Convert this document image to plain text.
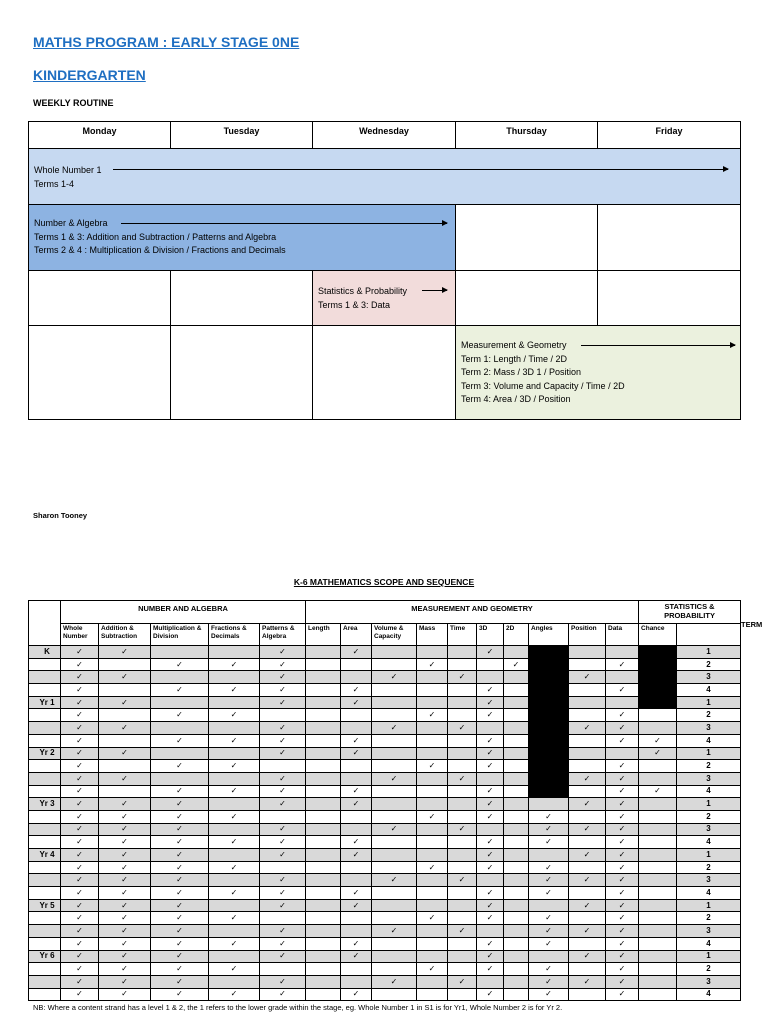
MATHS PROGRAM : EARLY STAGE 0NE
KINDERGARTEN
WEEKLY ROUTINE
Monday	Tuesday	Wednesday	Thursday	Friday
Whole Number 1
Terms 1-4
Number & Algebra
Terms 1 & 3: Addition and Subtraction / Patterns and Algebra
Terms 2 & 4 : Multiplication & Division / Fractions and Decimals
Statistics & Probability
Terms 1 & 3: Data
Measurement & Geometry
Term 1: Length / Time / 2D
Term 2: Mass / 3D 1 / Position
Term 3: Volume and Capacity / Time / 2D
Term 4: Area / 3D / Position
Sharon Tooney
K-6 MATHEMATICS SCOPE AND SEQUENCE
	NUMBER AND ALGEBRA					MEASUREMENT AND GEOMETRY										STATISTICS & PROBABILITY		TERM
	Whole Number	Addition & Subtraction	Multiplication & Division	Fractions & Decimals	Patterns & Algebra	Length	Area	Volume & Capacity	Mass	Time	3D	2D	Angles	Position	Data	Chance		
K	✓	✓			✓		✓				✓						1	
	✓		✓	✓	✓				✓			✓			✓		2	
	✓	✓			✓			✓		✓				✓			3	
	✓		✓	✓	✓		✓				✓				✓		4	
Yr 1	✓	✓			✓		✓				✓						1	
	✓		✓	✓					✓		✓				✓		2	
	✓	✓			✓			✓		✓				✓	✓		3	
	✓		✓	✓	✓		✓				✓				✓	✓	4	
Yr 2	✓	✓			✓		✓				✓					✓	1	
	✓		✓	✓					✓		✓				✓		2	
	✓	✓			✓			✓		✓				✓	✓		3	
	✓		✓	✓	✓		✓				✓				✓	✓	4	
Yr 3	✓	✓	✓		✓		✓				✓			✓	✓		1	
	✓	✓	✓	✓					✓		✓		✓		✓		2	
	✓	✓	✓		✓			✓		✓			✓	✓	✓		3	
	✓	✓	✓	✓	✓		✓				✓		✓		✓		4	
Yr 4	✓	✓	✓		✓		✓				✓			✓	✓		1	
	✓	✓	✓	✓					✓		✓		✓		✓		2	
	✓	✓	✓		✓			✓		✓			✓	✓	✓		3	
	✓	✓	✓	✓	✓		✓				✓		✓		✓		4	
Yr 5	✓	✓	✓		✓		✓				✓			✓	✓		1	
	✓	✓	✓	✓					✓		✓		✓		✓		2	
	✓	✓	✓		✓			✓		✓			✓	✓	✓		3	
	✓	✓	✓	✓	✓		✓				✓		✓		✓		4	
Yr 6	✓	✓	✓		✓		✓				✓			✓	✓		1	
	✓	✓	✓	✓					✓		✓		✓		✓		2	
	✓	✓	✓		✓			✓		✓			✓	✓	✓		3	
	✓	✓	✓	✓	✓		✓				✓		✓		✓		4	
NB: Where a content strand has a level 1 & 2, the 1 refers to the lower grade within the stage, eg. Whole Number 1 in S1 is for Yr1, Whole Number 2 is for Yr 2.
